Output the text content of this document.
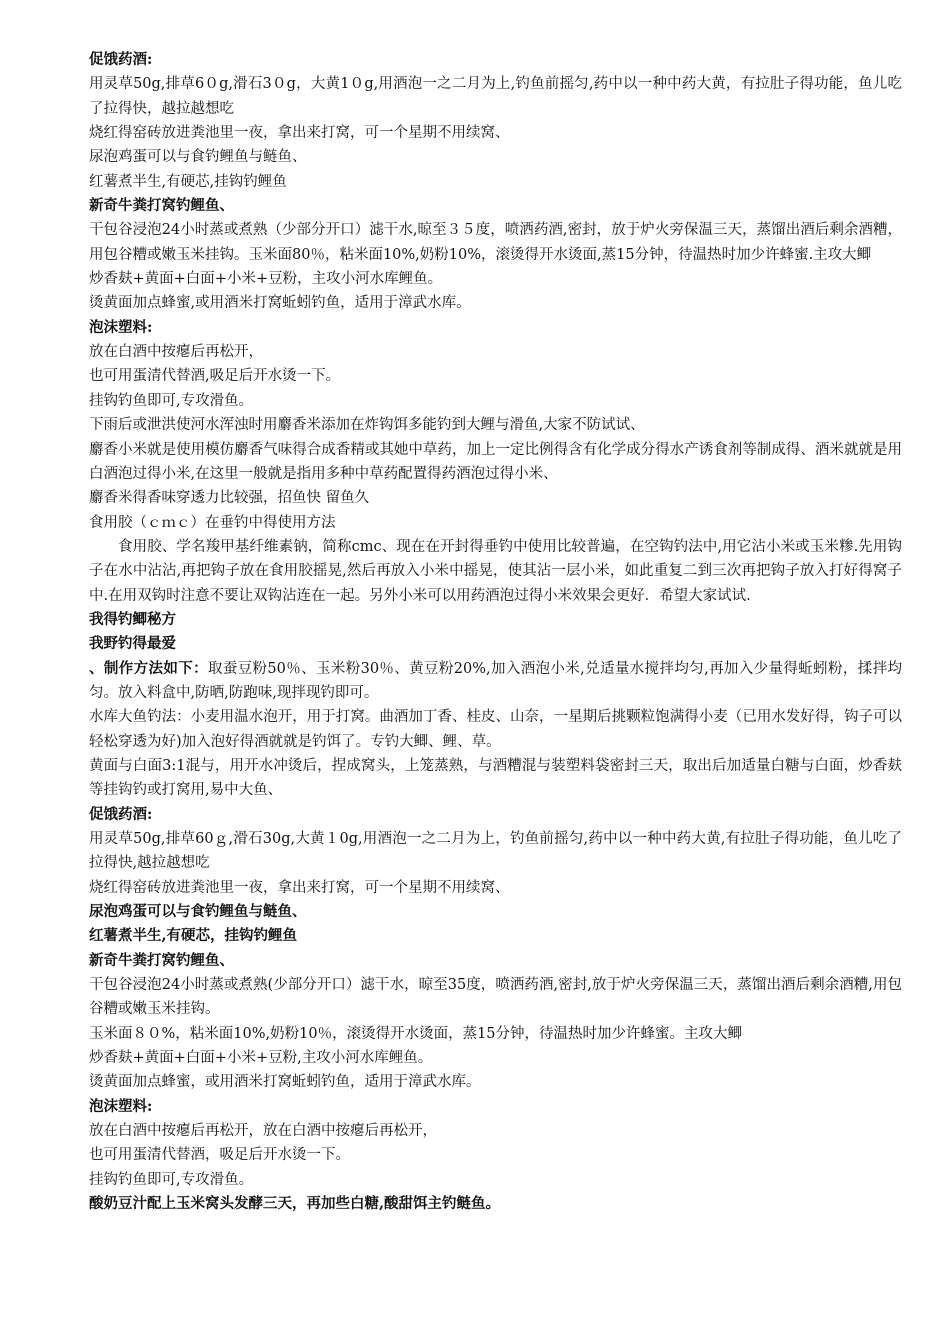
促饿药酒:
用灵草50g,排草6０g,滑石3０g，大黄1０g,用酒泡一之二月为上,钓鱼前摇匀,药中以一种中药大黄，有拉肚子得功能，鱼儿吃了拉得快，越拉越想吃
烧红得窑砖放进粪池里一夜，拿出来打窝，可一个星期不用续窝、
尿泡鸡蛋可以与食钓鲤鱼与鲢鱼、
红薯煮半生,有硬芯,挂钩钓鲤鱼
新奇牛粪打窝钓鲤鱼、
干包谷浸泡24小时蒸或煮熟（少部分开口）滤干水,晾至３５度，喷洒药酒,密封，放于炉火旁保温三天，蒸馏出酒后剩余酒糟，用包谷糟或嫩玉米挂钩。玉米面80％，粘米面10%,奶粉10%，滚烫得开水烫面,蒸15分钟，待温热时加少许蜂蜜.主攻大鲫
炒香麸+黄面+白面+小米+豆粉，主攻小河水库鲤鱼。
烫黄面加点蜂蜜,或用酒米打窝蚯蚓钓鱼，适用于漳武水库。
泡沫塑料:
放在白酒中按瘪后再松开，
也可用蛋清代替酒,吸足后开水烫一下。
挂钩钓鱼即可,专攻滑鱼。
下雨后或泄洪使河水浑浊时用麝香米添加在炸钩饵多能钓到大鲤与滑鱼,大家不防试试、
麝香小米就是使用模仿麝香气味得合成香精或其她中草药，加上一定比例得含有化学成分得水产诱食剂等制成得、酒米就就是用白酒泡过得小米,在这里一般就是指用多种中草药配置得药酒泡过得小米、
麝香米得香味穿透力比较强，招鱼快 留鱼久
食用胶（ｃｍｃ）在垂钓中得使用方法
食用胶、学名羧甲基纤维素钠，简称cmc、现在在开封得垂钓中使用比较普遍，在空钩钓法中,用它沾小米或玉米糁.先用钩子在水中沾沾,再把钩子放在食用胶摇晃,然后再放入小米中摇晃，使其沾一层小米，如此重复二到三次再把钩子放入打好得窝子中.在用双钩时注意不要让双钩沾连在一起。另外小米可以用药酒泡过得小米效果会更好．希望大家试试.
我得钓鲫秘方
我野钓得最爱
、制作方法如下：取蚕豆粉50％、玉米粉30％、黄豆粉20%,加入酒泡小米,兑适量水搅拌均匀,再加入少量得蚯蚓粉，揉拌均匀。放入料盒中,防晒,防跑味,现拌现钓即可。
水库大鱼钓法：小麦用温水泡开，用于打窝。曲酒加丁香、桂皮、山奈，一星期后挑颗粒饱满得小麦（已用水发好得，钩子可以轻松穿透为好)加入泡好得酒就就是钓饵了。专钓大鲫、鲤、草。
黄面与白面3:1混与，用开水冲烫后，捏成窝头，上笼蒸熟，与酒糟混与装塑料袋密封三天，取出后加适量白糖与白面，炒香麸等挂钩钓或打窝用,易中大鱼、
促饿药酒:
用灵草50g,排草60ｇ,滑石30g,大黄１0g,用酒泡一之二月为上，钓鱼前摇匀,药中以一种中药大黄,有拉肚子得功能，鱼儿吃了拉得快,越拉越想吃
烧红得窑砖放进粪池里一夜，拿出来打窝，可一个星期不用续窝、
尿泡鸡蛋可以与食钓鲤鱼与鲢鱼、
红薯煮半生,有硬芯，挂钩钓鲤鱼
新奇牛粪打窝钓鲤鱼、
干包谷浸泡24小时蒸或煮熟(少部分开口）滤干水，晾至35度，喷洒药酒,密封,放于炉火旁保温三天，蒸馏出酒后剩余酒糟,用包谷糟或嫩玉米挂钩。
玉米面８０%，粘米面10%,奶粉10％，滚烫得开水烫面，蒸15分钟，待温热时加少许蜂蜜。主攻大鲫
炒香麸+黄面+白面+小米+豆粉,主攻小河水库鲤鱼。
烫黄面加点蜂蜜，或用酒米打窝蚯蚓钓鱼，适用于漳武水库。
泡沫塑料:
放在白酒中按瘪后再松开，放在白酒中按瘪后再松开，
也可用蛋清代替酒，吸足后开水烫一下。
挂钩钓鱼即可,专攻滑鱼。
酸奶豆汁配上玉米窝头发酵三天，再加些白糖,酸甜饵主钓鲢鱼。
